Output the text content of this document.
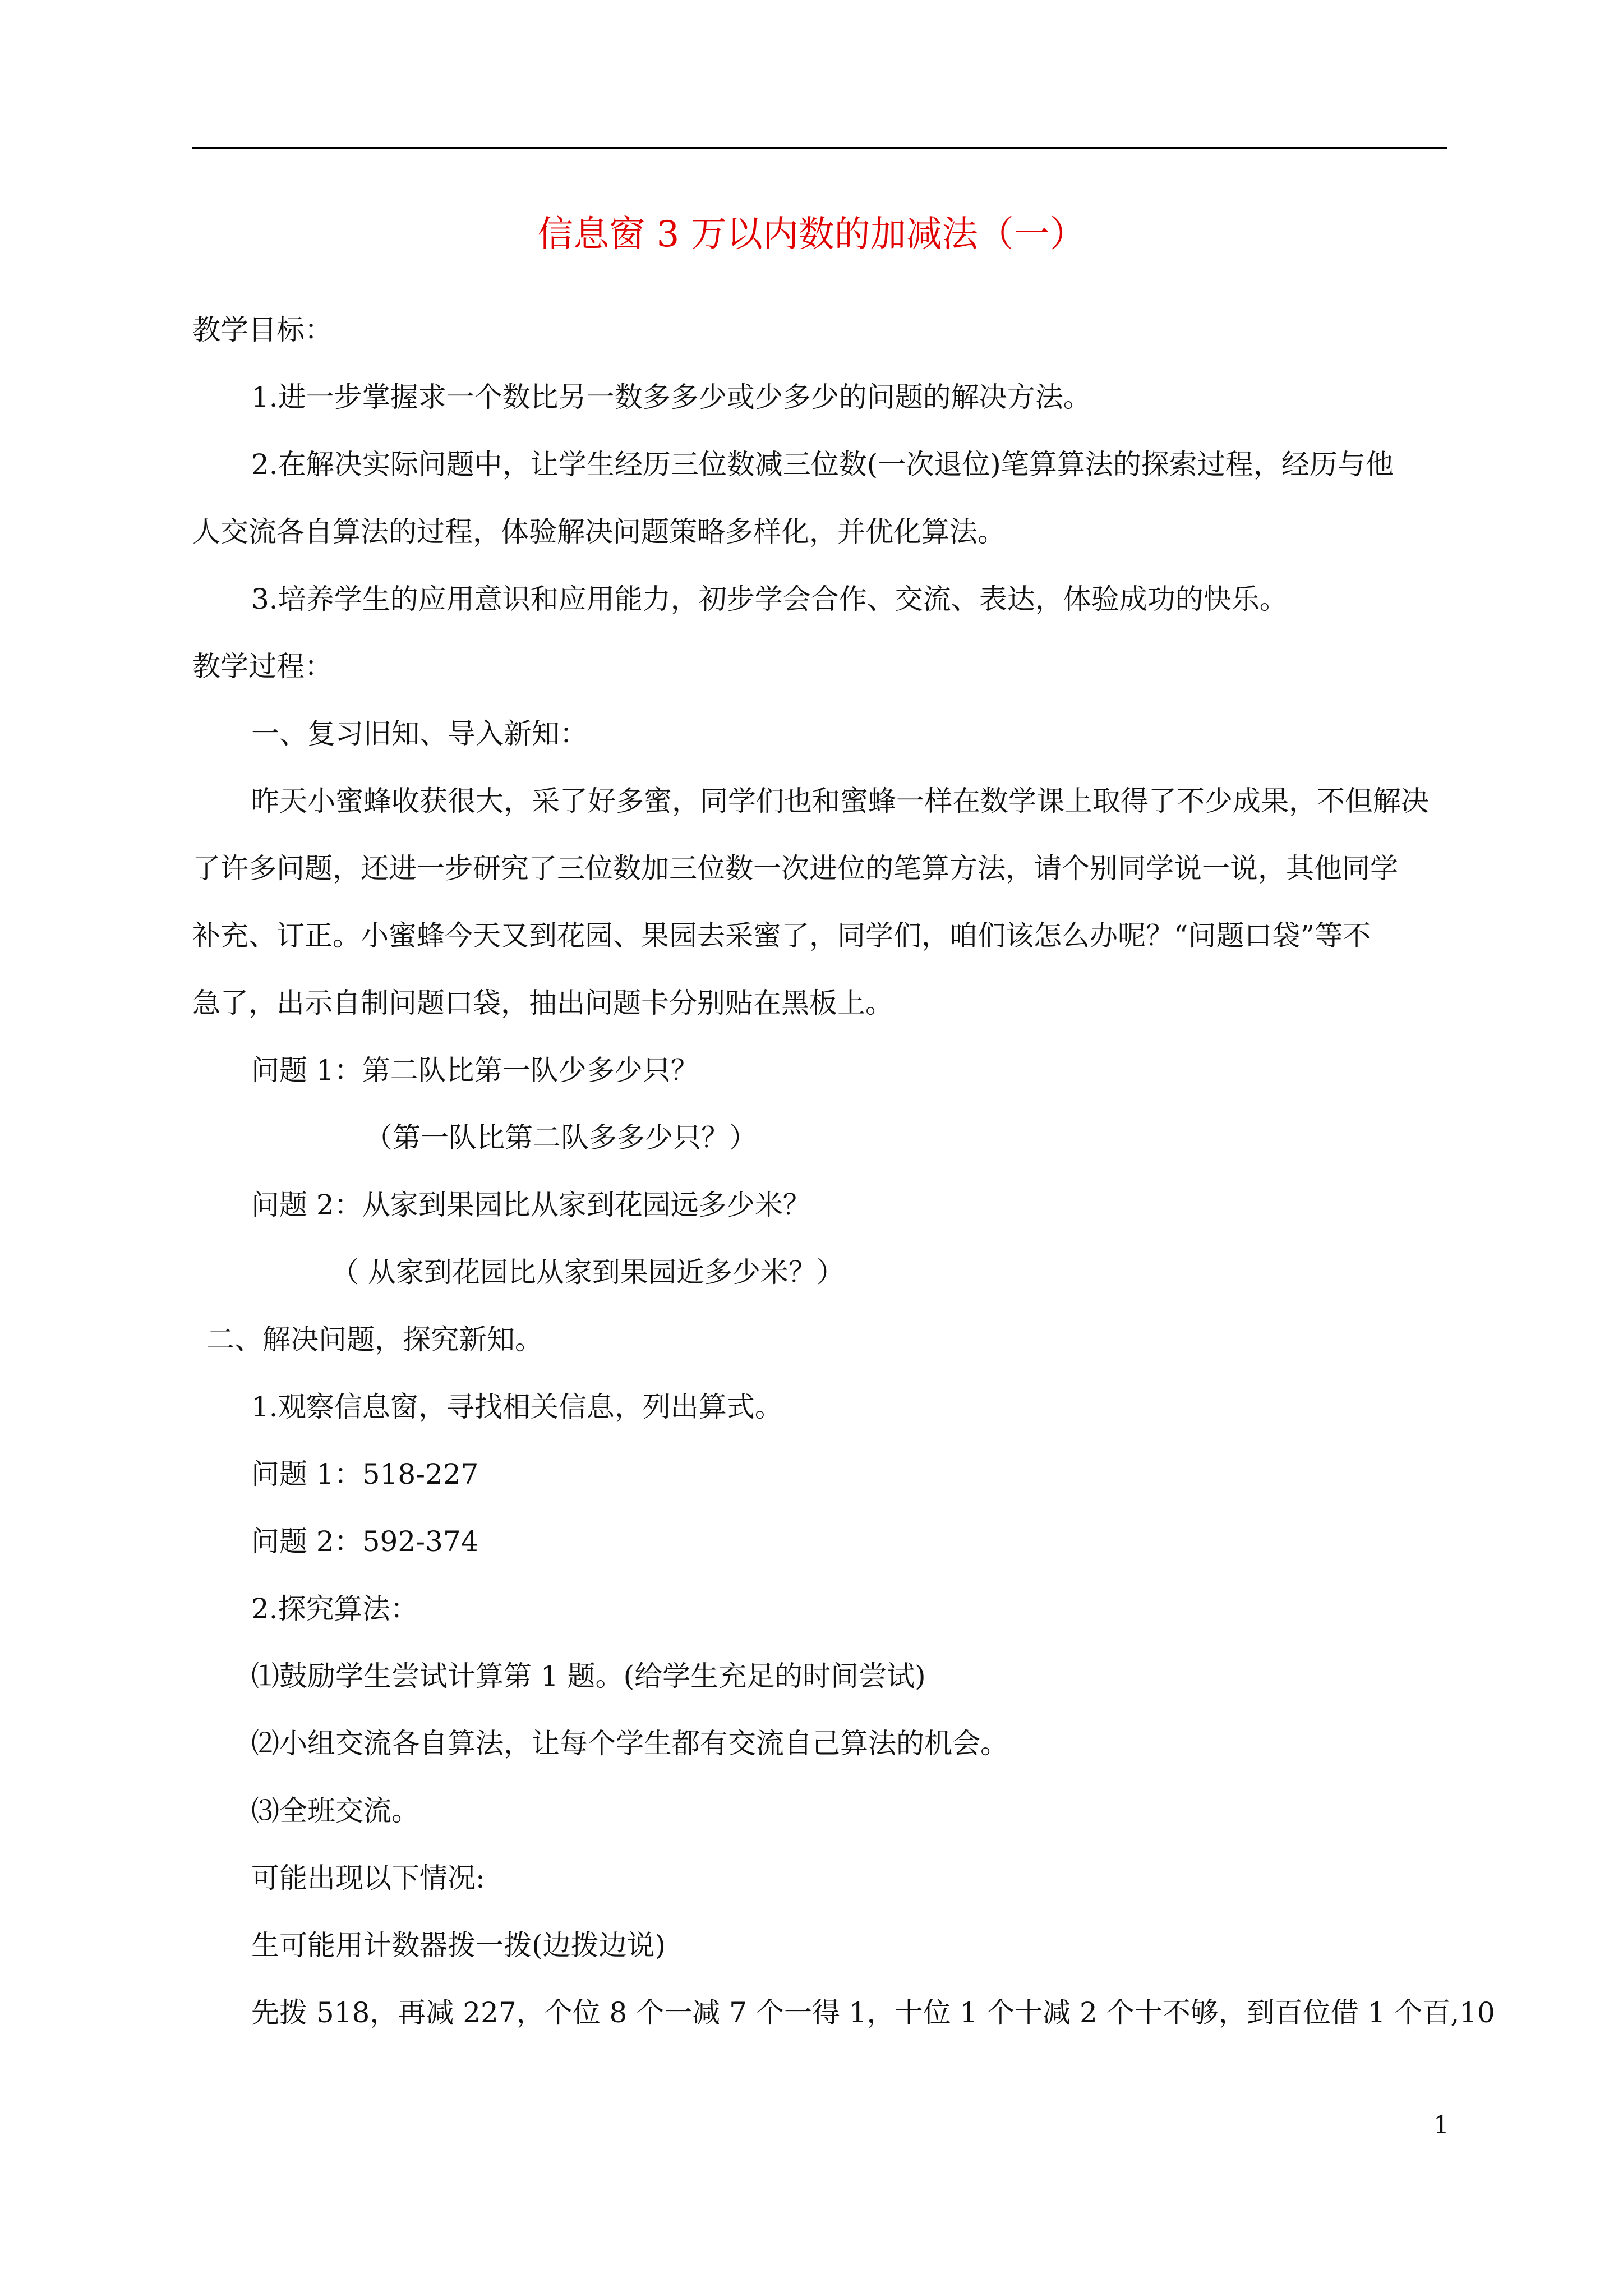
信息窗 3 万以内数的加减法（一）
教学目标：
1.进一步掌握求一个数比另一数多多少或少多少的问题的解决方法。
2.在解决实际问题中，让学生经历三位数减三位数(一次退位)笔算算法的探索过程，经历与他
人交流各自算法的过程，体验解决问题策略多样化，并优化算法。
3.培养学生的应用意识和应用能力，初步学会合作、交流、表达，体验成功的快乐。
教学过程：
一、复习旧知、导入新知：
昨天小蜜蜂收获很大，采了好多蜜，同学们也和蜜蜂一样在数学课上取得了不少成果，不但解决
了许多问题，还进一步研究了三位数加三位数一次进位的笔算方法，请个别同学说一说，其他同学
补充、订正。小蜜蜂今天又到花园、果园去采蜜了，同学们，咱们该怎么办呢？“问题口袋”等不
急了，出示自制问题口袋，抽出问题卡分别贴在黑板上。
问题 1：第二队比第一队少多少只？
（第一队比第二队多多少只？）
问题 2：从家到果园比从家到花园远多少米？
（ 从家到花园比从家到果园近多少米？）
二、解决问题，探究新知。
1.观察信息窗，寻找相关信息，列出算式。
问题 1：518-227
问题 2：592-374
2.探究算法：
⑴鼓励学生尝试计算第 1 题。(给学生充足的时间尝试)
⑵小组交流各自算法，让每个学生都有交流自己算法的机会。
⑶全班交流。
可能出现以下情况:
生可能用计数器拨一拨(边拨边说)
先拨 518，再减 227，个位 8 个一减 7 个一得 1，十位 1 个十减 2 个十不够，到百位借 1 个百,10
1
